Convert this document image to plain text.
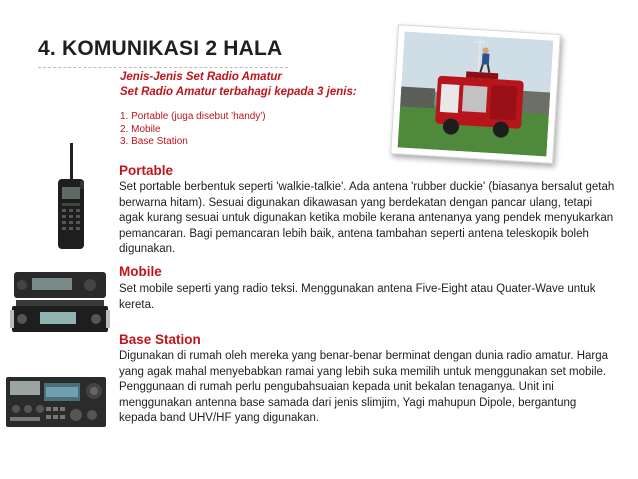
4. KOMUNIKASI 2 HALA
Jenis-Jenis Set Radio Amatur
Set Radio Amatur terbahagi kepada 3 jenis:
1. Portable (juga disebut 'handy')
2. Mobile
3. Base Station
Portable
Set portable berbentuk seperti 'walkie-talkie'. Ada antena 'rubber duckie' (biasanya bersalut getah berwarna hitam). Sesuai digunakan dikawasan yang berdekatan dengan pancar ulang, tetapi agak kurang sesuai untuk digunakan ketika mobile kerana antenanya yang pendek menyukarkan pemancaran. Bagi pemancaran lebih baik, antena tambahan seperti antena teleskopik boleh digunakan.
Mobile
Set mobile seperti yang radio teksi. Menggunakan antena Five-Eight atau Quater-Wave untuk kereta.
Base Station
Digunakan di rumah oleh mereka yang benar-benar berminat dengan dunia radio amatur. Harga yang agak mahal menyebabkan ramai yang lebih suka memilih untuk menggunakan set mobile. Penggunaan di rumah perlu pengubahsuaian kepada unit bekalan tenaganya. Unit ini menggunakan antenna base samada dari jenis slimjim, Yagi mahupun Dipole, bergantung kepada band UHV/HF yang digunakan.
